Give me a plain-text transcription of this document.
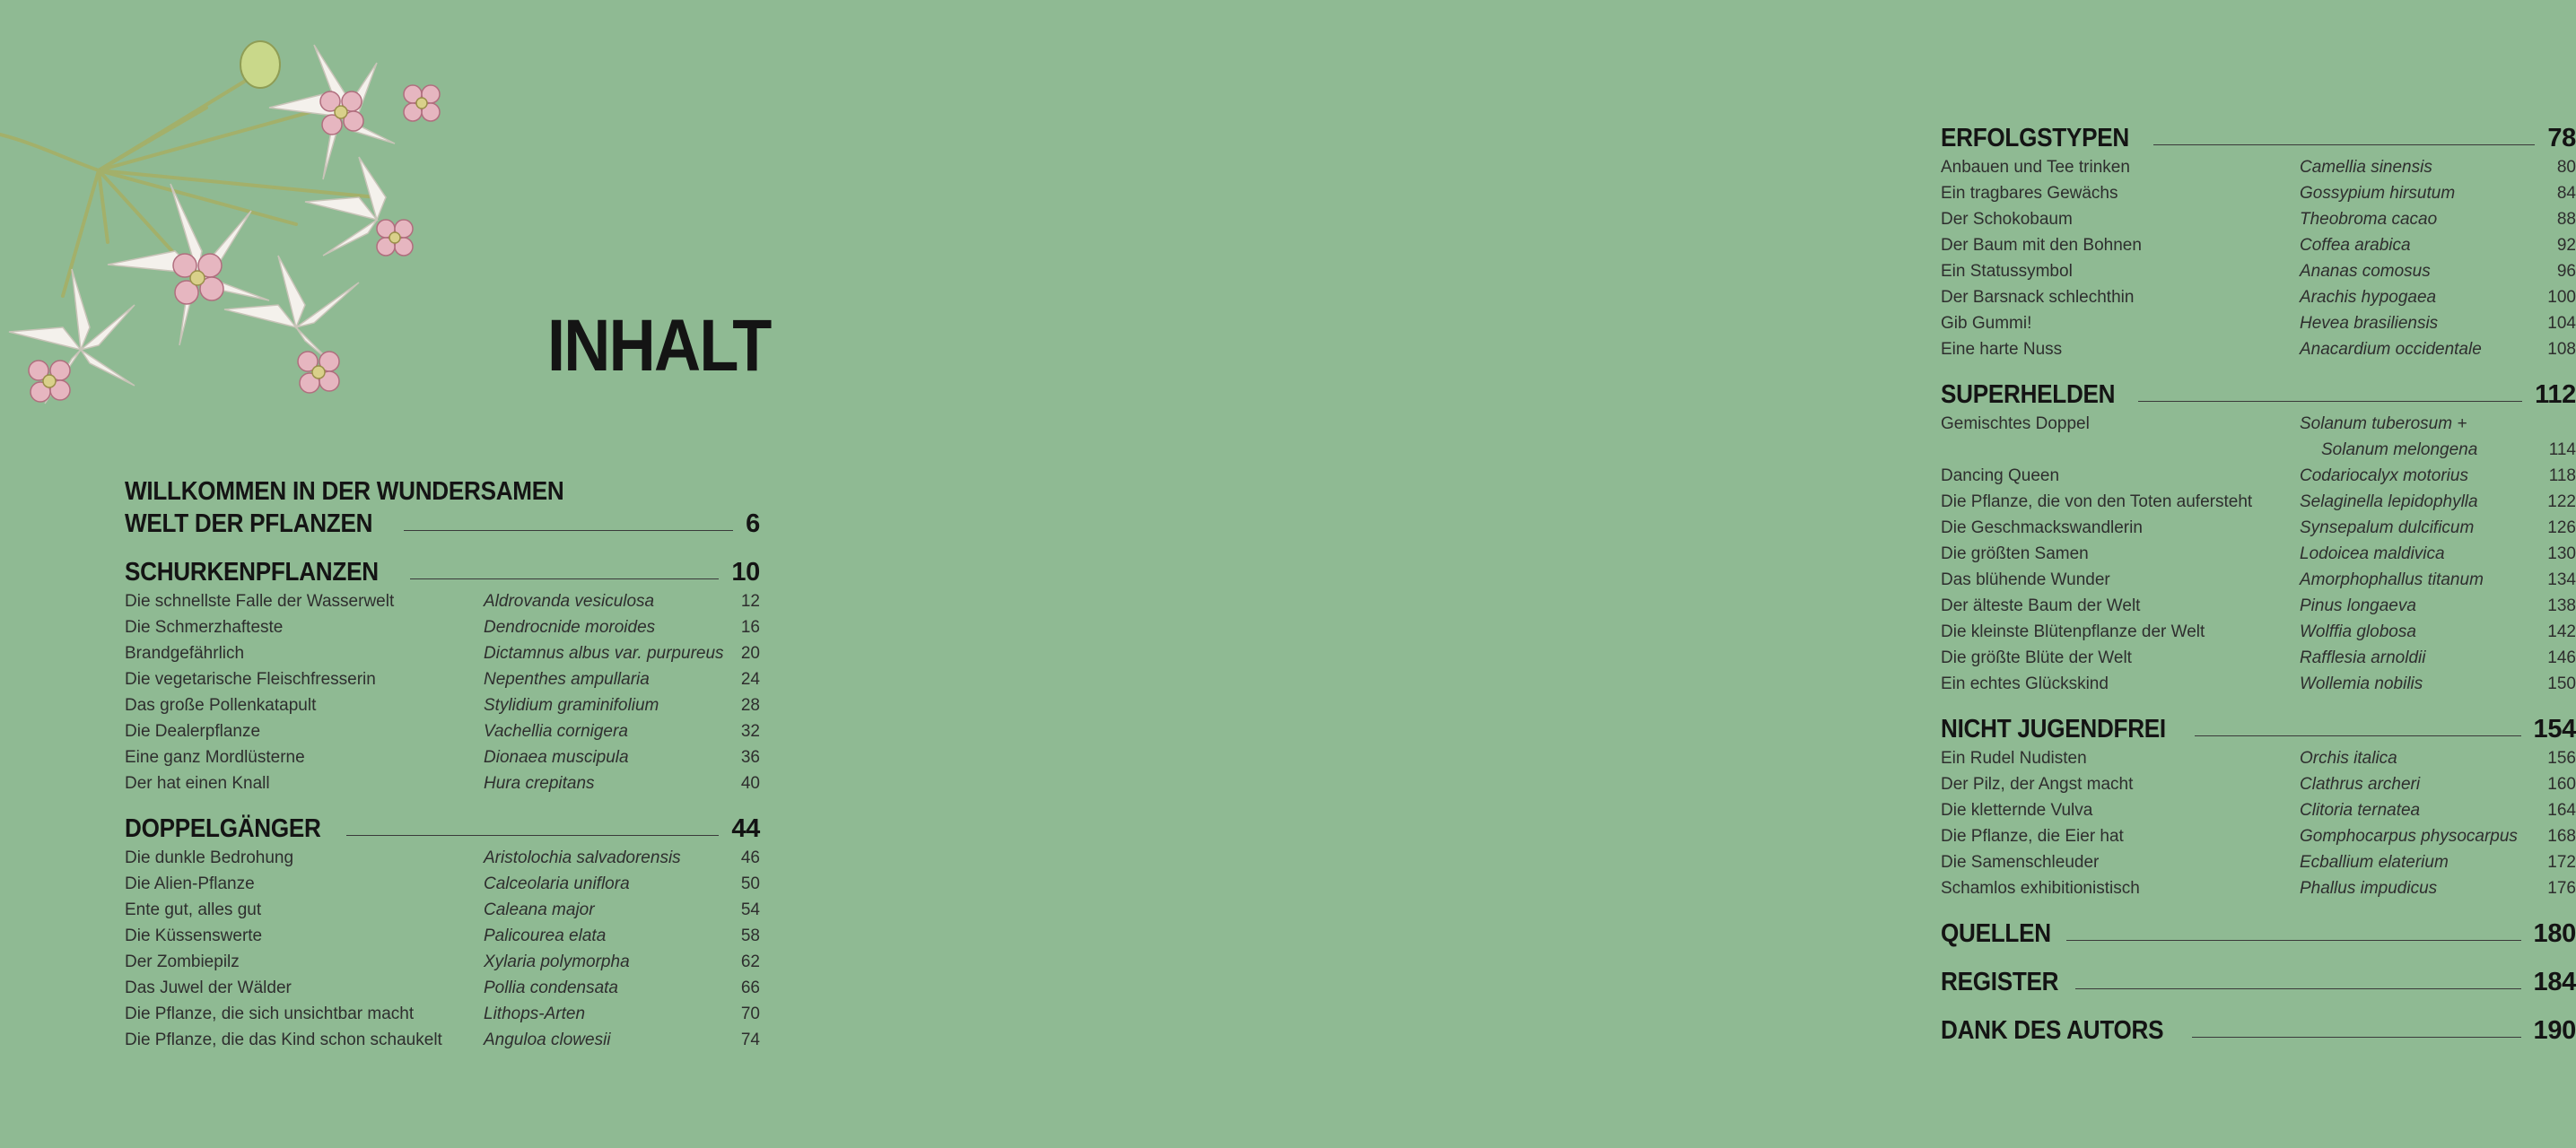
INHALT
WILLKOMMEN IN DER WUNDERSAMEN
WELT DER PFLANZEN	6
SCHURKENPFLANZEN	10
Die schnellste Falle der Wasserwelt	Aldrovanda vesiculosa	12
Die Schmerzhafteste	Dendrocnide moroides	16
Brandgefährlich	Dictamnus albus var. purpureus	20
Die vegetarische Fleischfresserin	Nepenthes ampullaria	24
Das große Pollenkatapult	Stylidium graminifolium	28
Die Dealerpflanze	Vachellia cornigera	32
Eine ganz Mordlüsterne	Dionaea muscipula	36
Der hat einen Knall	Hura crepitans	40
DOPPELGÄNGER	44
Die dunkle Bedrohung	Aristolochia salvadorensis	46
Die Alien-Pflanze	Calceolaria uniflora	50
Ente gut, alles gut	Caleana major	54
Die Küssenswerte	Palicourea elata	58
Der Zombiepilz	Xylaria polymorpha	62
Das Juwel der Wälder	Pollia condensata	66
Die Pflanze, die sich unsichtbar macht	Lithops-Arten	70
Die Pflanze, die das Kind schon schaukelt	Anguloa clowesii	74
ERFOLGSTYPEN	78
Anbauen und Tee trinken	Camellia sinensis	80
Ein tragbares Gewächs	Gossypium hirsutum	84
Der Schokobaum	Theobroma cacao	88
Der Baum mit den Bohnen	Coffea arabica	92
Ein Statussymbol	Ananas comosus	96
Der Barsnack schlechthin	Arachis hypogaea	100
Gib Gummi!	Hevea brasiliensis	104
Eine harte Nuss	Anacardium occidentale	108
SUPERHELDEN	112
Gemischtes Doppel	Solanum tuberosum +
Solanum melongena	114
Dancing Queen	Codariocalyx motorius	118
Die Pflanze, die von den Toten aufersteht	Selaginella lepidophylla	122
Die Geschmackswandlerin	Synsepalum dulcificum	126
Die größten Samen	Lodoicea maldivica	130
Das blühende Wunder	Amorphophallus titanum	134
Der älteste Baum der Welt	Pinus longaeva	138
Die kleinste Blütenpflanze der Welt	Wolffia globosa	142
Die größte Blüte der Welt	Rafflesia arnoldii	146
Ein echtes Glückskind	Wollemia nobilis	150
NICHT JUGENDFREI	154
Ein Rudel Nudisten	Orchis italica	156
Der Pilz, der Angst macht	Clathrus archeri	160
Die kletternde Vulva	Clitoria ternatea	164
Die Pflanze, die Eier hat	Gomphocarpus physocarpus	168
Die Samenschleuder	Ecballium elaterium	172
Schamlos exhibitionistisch	Phallus impudicus	176
QUELLEN	180
REGISTER	184
DANK DES AUTORS	190
